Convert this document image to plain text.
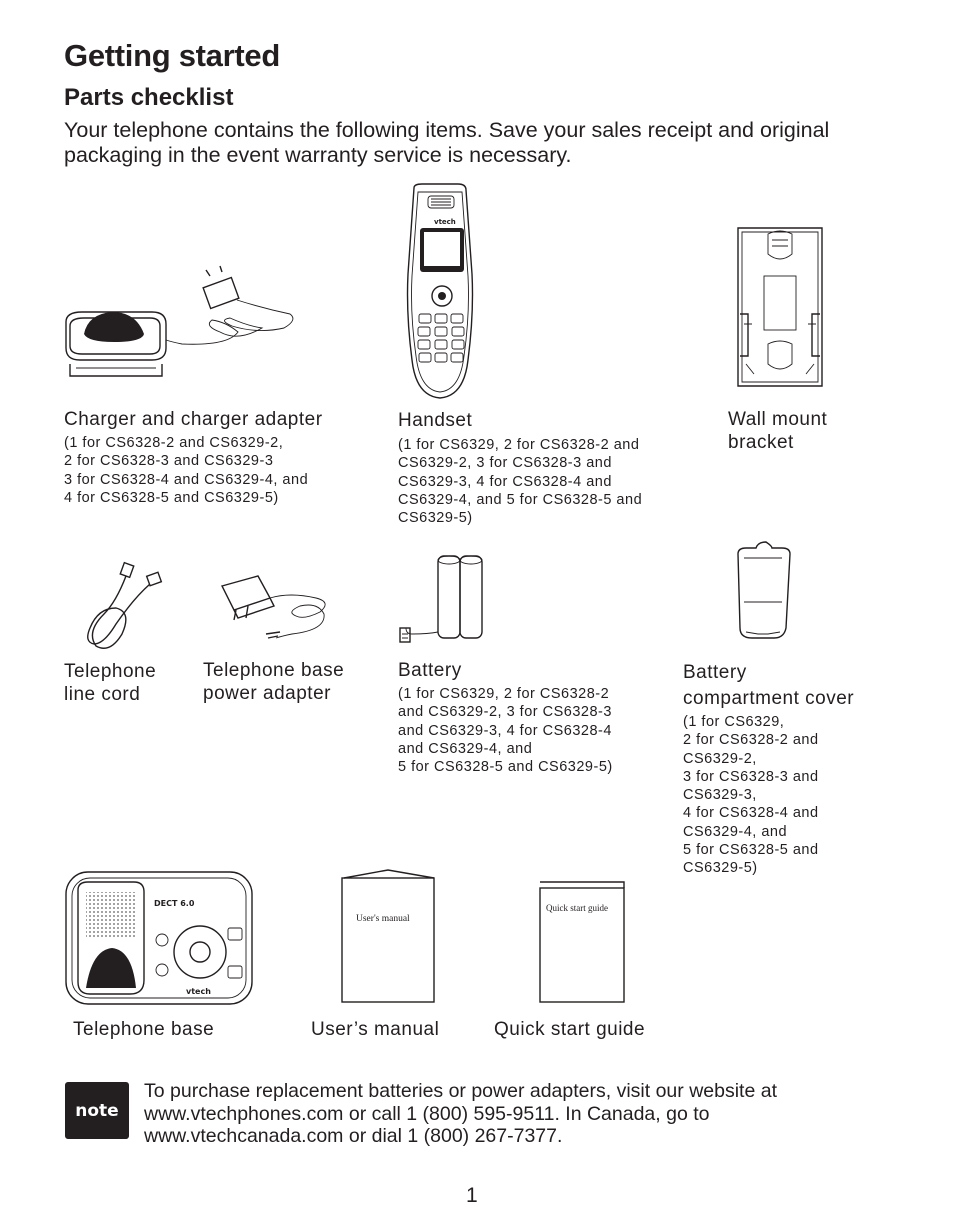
Getting started
Parts checklist

Your telephone contains the following items. Save your sales receipt and original packaging in the event warranty service is necessary.

vtech

Charger and charger adapter

(1 for CS6328-2 and CS6329-2,
2 for CS6328-3 and CS6329-3
3 for CS6328-4 and CS6329-4, and
4 for CS6328-5 and CS6329-5)

Handset

(1 for CS6329, 2 for CS6328-2 and
CS6329-2, 3 for CS6328-3 and
CS6329-3, 4 for CS6328-4 and
CS6329-4, and 5 for CS6328-5 and
CS6329-5)

Wall mount
bracket

Telephone
line cord

Telephone base
power adapter

Battery

(1 for CS6329, 2 for CS6328-2
and CS6329-2, 3 for CS6328-3
and CS6329-3, 4 for CS6328-4
and CS6329-4, and
5 for CS6328-5 and CS6329-5)

Battery
compartment cover

(1 for CS6329,
2 for CS6328-2 and
CS6329-2,
3 for CS6328-3 and
CS6329-3,
4 for CS6328-4 and
CS6329-4, and
5 for CS6328-5 and
CS6329-5)

DECT 6.0
vtech
User's manual
Quick start guide

Telephone base	User’s manual	Quick start guide

note

To purchase replacement batteries or power adapters, visit our website at
www.vtechphones.com or call 1 (800) 595-9511. In Canada, go to
www.vtechcanada.com or dial 1 (800) 267-7377.

1
